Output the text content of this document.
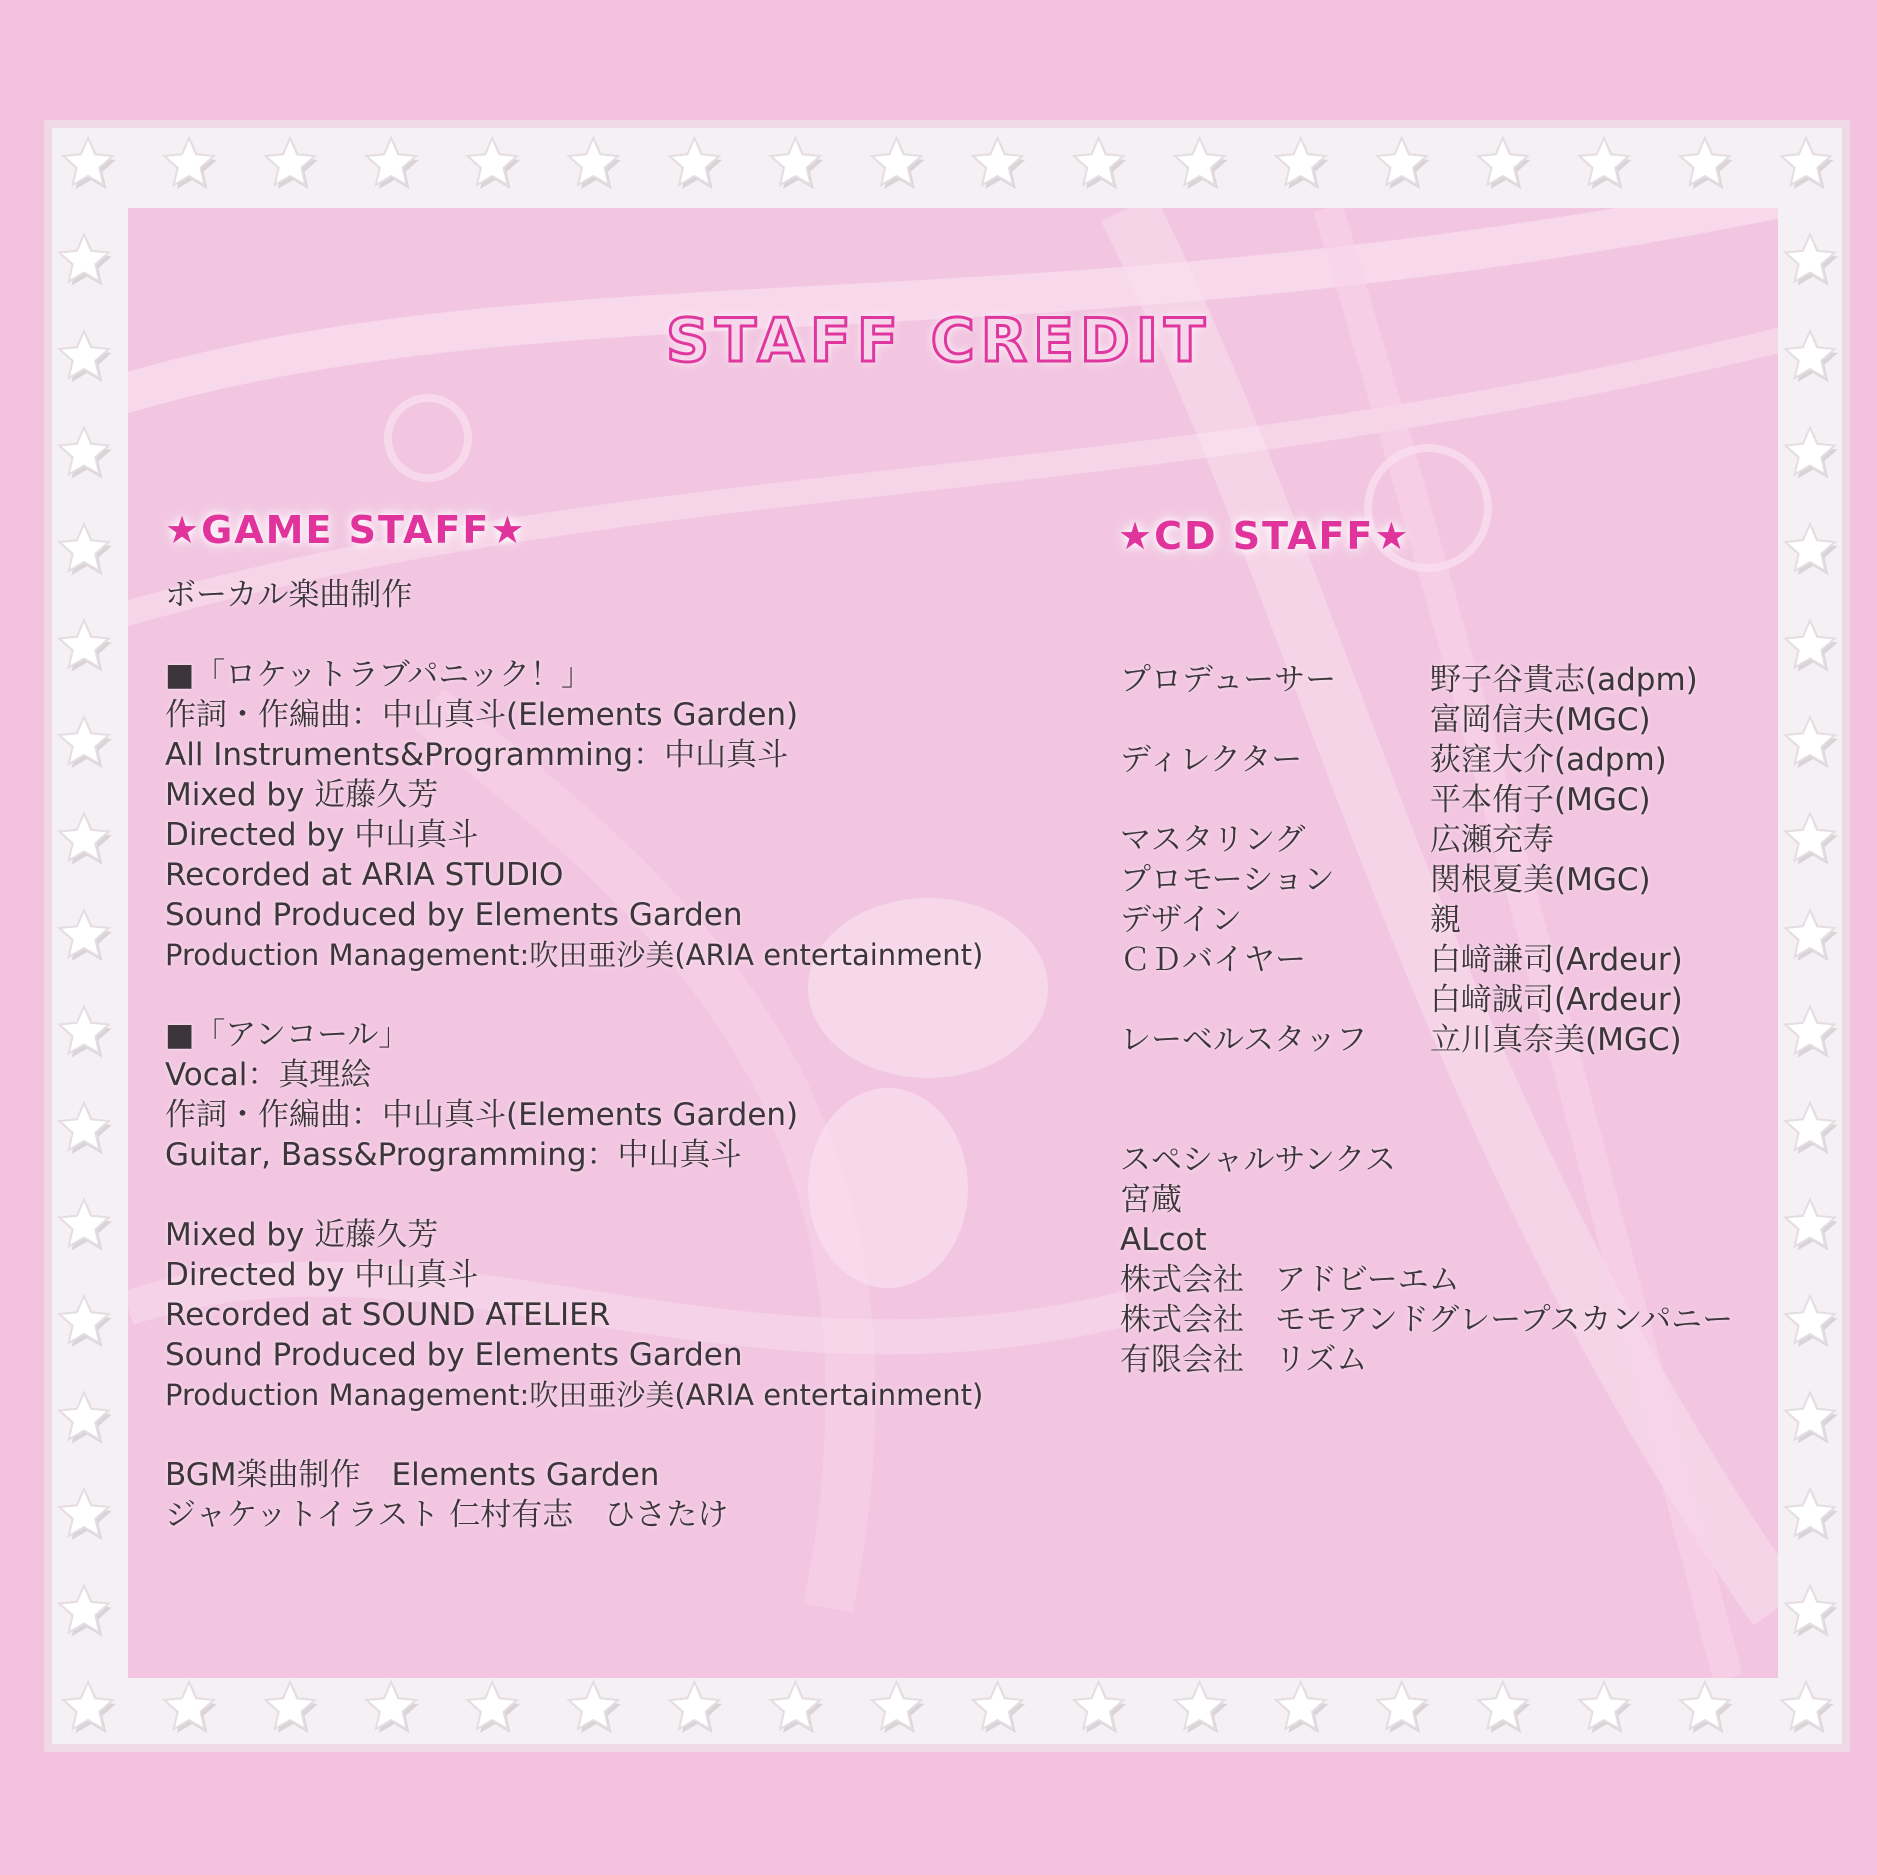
STAFF CREDIT
★GAME STAFF★
ボーカル楽曲制作
■「ロケットラブパニック！」
作詞・作編曲：中山真斗(Elements Garden)
All Instruments&Programming：中山真斗
Mixed by 近藤久芳
Directed by 中山真斗
Recorded at ARIA STUDIO
Sound Produced by Elements Garden
Production Management:吹田亜沙美(ARIA entertainment)
■「アンコール」
Vocal：真理絵
作詞・作編曲：中山真斗(Elements Garden)
Guitar, Bass&Programming：中山真斗
Mixed by 近藤久芳
Directed by 中山真斗
Recorded at SOUND ATELIER
Sound Produced by Elements Garden
Production Management:吹田亜沙美(ARIA entertainment)
BGM楽曲制作　Elements Garden
ジャケットイラスト 仁村有志　ひさたけ
★CD STAFF★
プロデューサー	野子谷貴志(adpm)
富岡信夫(MGC)
ディレクター	荻窪大介(adpm)
平本侑子(MGC)
マスタリング	広瀬充寿
プロモーション	関根夏美(MGC)
デザイン	親
ＣＤバイヤー	白﨑謙司(Ardeur)
白﨑誠司(Ardeur)
レーベルスタッフ 立川真奈美(MGC)
スペシャルサンクス
宮蔵
ALcot
株式会社　アドビーエム
株式会社　モモアンドグレープスカンパニー
有限会社　リズム
